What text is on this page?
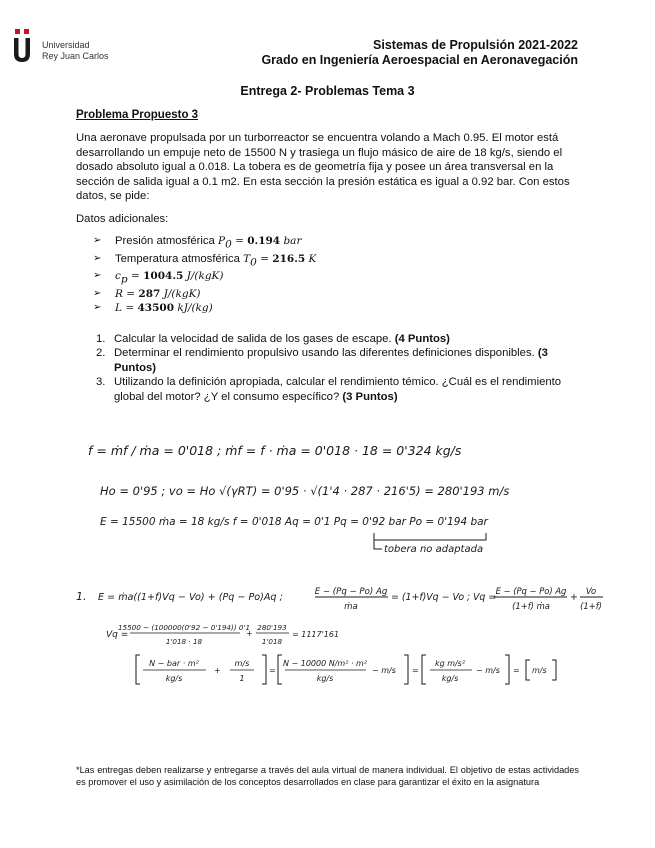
Universidad
Rey Juan Carlos
Sistemas de Propulsión 2021-2022
Grado en Ingeniería Aeroespacial en Aeronavegación
Entrega 2- Problemas Tema 3
Problema Propuesto 3
Una aeronave propulsada por un turborreactor se encuentra volando a Mach 0.95. El motor está desarrollando un empuje neto de 15500 N y trasiega un flujo másico de aire de 18 kg/s, siendo el dosado absoluto igual a 0.018. La tobera es de geometría fija y posee un área transversal en la sección de salida igual a 0.1 m2. En esta sección la presión estática es igual a 0.92 bar. Con estos datos, se pide:
Datos adicionales:
➢ Presión atmosférica $P_0 = 0.194$ bar
➢ Temperatura atmosférica $T_0 = 216.5$ K
➢ $c_p = 1004.5$ J/(kgK)
➢ R = 287 J/(kgK)
➢ L = 43500 kJ/(kg)
1. Calcular la velocidad de salida de los gases de escape. (4 Puntos)
2. Determinar el rendimiento propulsivo usando las diferentes definiciones disponibles. (3 Puntos)
3. Utilizando la definición apropiada, calcular el rendimiento témico. ¿Cuál es el rendimiento global del motor? ¿Y el consumo específico? (3 Puntos)
f = ṁf / ṁa = 0'018 ; ṁf = f · ṁa = 0'018 · 18 = 0'324 kg/s
Ho = 0'95 ; vo = Ho √(γRT) = 0'95 · √(1'4 · 287 · 216'5) = 280'193 m/s
E = 15500 ṁa = 18 kg/s f = 0'018 Aq = 0'1 Pq = 0'92 bar Po = 0'194 bar
tobera no adaptada
1. E = ṁa((1+f)Vq − Vo) + (Pq − Po)Aq ;	E − (Pq − Po) Ag
ṁa
= (1+f)Vq − Vo ; Vq =
E − (Pq − Po) Ag
(1+f) ṁa
+
Vo
(1+f)
Vq =
15500 − (100000(0'92 − 0'194)) 0'1
1'018 · 18
+
280'193
1'018
= 1117'161
N − bar · m²
kg/s
+
m/s
1
=
N − 10000 N/m² · m²
kg/s
− m/s =
kg m/s²
kg/s
− m/s = m/s
*Las entregas deben realizarse y entregarse a través del aula virtual de manera individual. El objetivo de estas actividades es promover el uso y asimilación de los conceptos desarrollados en clase para garantizar el éxito en la asignatura
